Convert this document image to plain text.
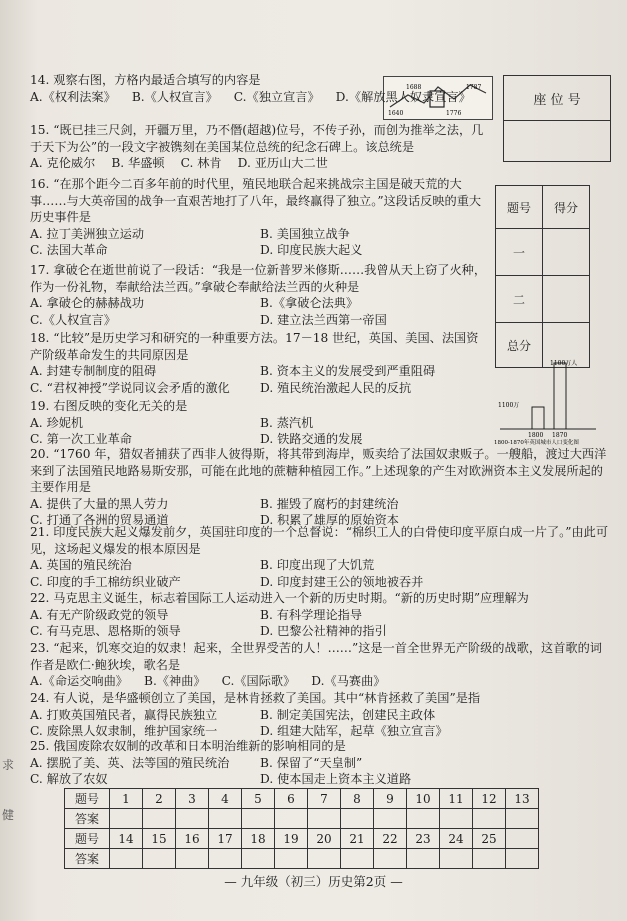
1640
1688
1776
1787
座 位 号

题号	得分
一	
二	
总分	
1100万人
1100万
1800 1870
1800-1870年英国城市人口变化图

14. 观察右图，方格内最适合填写的内容是

A.《权利法案》 B.《人权宣言》 C.《独立宣言》 D.《解放黑人奴隶宣言》

15. “既已挂三尺剑，开疆万里，乃不僭(超越)位号，不传子孙，而创为推举之法，几于天下为公”的一段文字被镌刻在美国某位总统的纪念石碑上。该总统是

A. 克伦威尔 B. 华盛顿 C. 林肯 D. 亚历山大二世

16. “在那个距今二百多年前的时代里，殖民地联合起来挑战宗主国是破天荒的大事……与大英帝国的战争一直艰苦地打了八年，最终赢得了独立。”这段话反映的重大历史事件是

A. 拉丁美洲独立运动	B. 美国独立战争
C. 法国大革命	D. 印度民族大起义

17. 拿破仑在逝世前说了一段话：“我是一位新普罗米修斯……我曾从天上窃了火种，作为一份礼物，奉献给法兰西。”拿破仑奉献给法兰西的火种是

A. 拿破仑的赫赫战功	B.《拿破仑法典》
C.《人权宣言》	D. 建立法兰西第一帝国

18. “比较”是历史学习和研究的一种重要方法。17－18 世纪，英国、美国、法国资产阶级革命发生的共同原因是

A. 封建专制制度的阻碍	B. 资本主义的发展受到严重阻碍
C. “君权神授”学说同议会矛盾的激化	D. 殖民统治激起人民的反抗

19. 右图反映的变化无关的是

A. 珍妮机	B. 蒸汽机
C. 第一次工业革命	D. 铁路交通的发展

20. “1760 年，猎奴者捕获了西非人彼得斯，将其带到海岸，贩卖给了法国奴隶贩子。一艘船，渡过大西洋来到了法国殖民地路易斯安那，可能在此地的蔗糖种植园工作。”上述现象的产生对欧洲资本主义发展所起的主要作用是

A. 提供了大量的黑人劳力	B. 摧毁了腐朽的封建统治
C. 打通了各洲的贸易通道	D. 积累了雄厚的原始资本

21. 印度民族大起义爆发前夕，英国驻印度的一个总督说：“棉织工人的白骨使印度平原白成一片了。”由此可见，这场起义爆发的根本原因是

A. 英国的殖民统治	B. 印度出现了大饥荒
C. 印度的手工棉纺织业破产	D. 印度封建王公的领地被吞并

22. 马克思主义诞生，标志着国际工人运动进入一个新的历史时期。“新的历史时期”应理解为

A. 有无产阶级政党的领导	B. 有科学理论指导
C. 有马克思、恩格斯的领导	D. 巴黎公社精神的指引

23. “起来，饥寒交迫的奴隶！起来，全世界受苦的人！……”这是一首全世界无产阶级的战歌，这首歌的词作者是欧仁·鲍狄埃，歌名是

A.《命运交响曲》 B.《神曲》 C.《国际歌》 D.《马赛曲》

24. 有人说，是华盛顿创立了美国，是林肯拯救了美国。其中“林肯拯救了美国”是指

A. 打败英国殖民者，赢得民族独立	B. 制定美国宪法，创建民主政体
C. 废除黑人奴隶制，维护国家统一	D. 组建大陆军，起草《独立宣言》

25. 俄国废除农奴制的改革和日本明治维新的影响相同的是

A. 摆脱了美、英、法等国的殖民统治	B. 保留了“天皇制”
C. 解放了农奴	D. 使本国走上资本主义道路
题号	1	2	3	4	5	6	7	8	9	10	11	12	13
答案													
题号	14	15	16	17	18	19	20	21	22	23	24	25	
答案													
求
健
— 九年级（初三）历史第2页 —
